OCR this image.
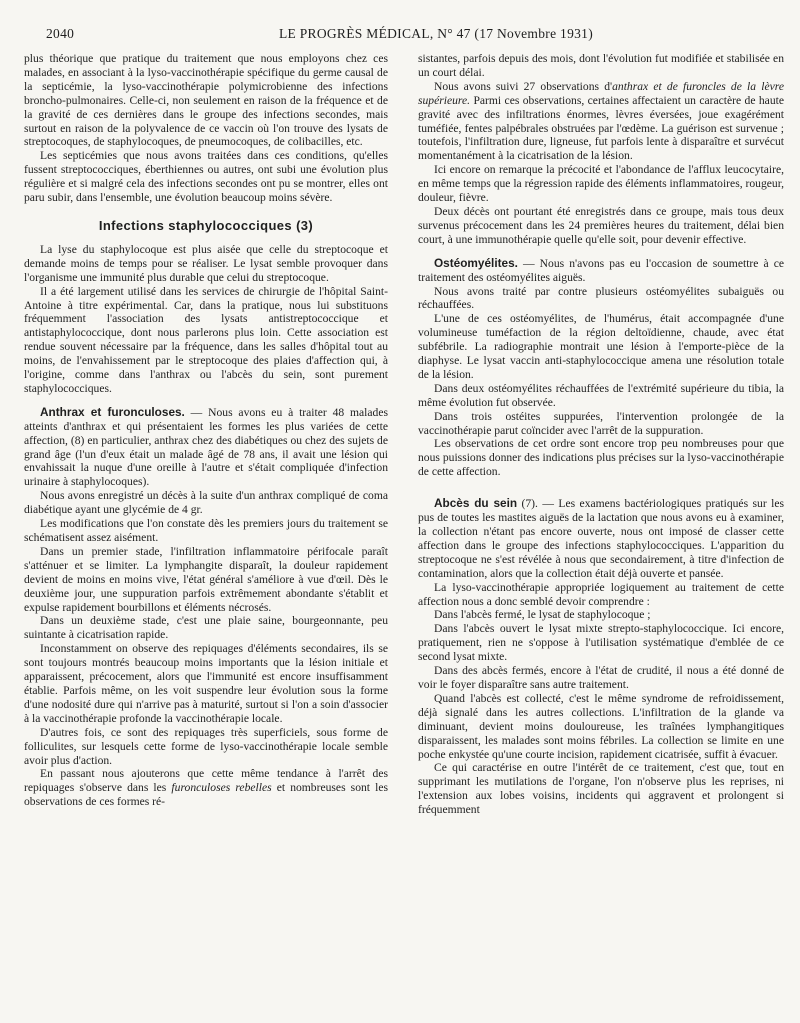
2040	LE PROGRÈS MÉDICAL, N° 47 (17 Novembre 1931)

plus théorique que pratique du traitement que nous employons chez ces malades, en associant à la lyso-vaccinothérapie spécifique du germe causal de la septicémie, la lyso-vaccinothérapie polymicrobienne des infections broncho-pulmonaires. Celle-ci, non seulement en raison de la fréquence et de la gravité de ces dernières dans le groupe des infections secondes, mais surtout en raison de la polyvalence de ce vaccin où l'on trouve des lysats de streptocoques, de staphylocoques, de pneumocoques, de colibacilles, etc.

Les septicémies que nous avons traitées dans ces conditions, qu'elles fussent streptococciques, éberthiennes ou autres, ont subi une évolution plus régulière et si malgré cela des infections secondes ont pu se montrer, elles ont paru subir, dans l'ensemble, une évolution beaucoup moins sévère.

Infections staphylococciques (3)

La lyse du staphylocoque est plus aisée que celle du streptocoque et demande moins de temps pour se réaliser. Le lysat semble provoquer dans l'organisme une immunité plus durable que celui du streptocoque.

Il a été largement utilisé dans les services de chirurgie de l'hôpital Saint-Antoine à titre expérimental. Car, dans la pratique, nous lui substituons fréquemment l'association des lysats antistreptococcique et antistaphylococcique, dont nous parlerons plus loin. Cette association est rendue souvent nécessaire par la fréquence, dans les salles d'hôpital tout au moins, de l'envahissement par le streptocoque des plaies d'affection qui, à l'origine, comme dans l'anthrax ou l'abcès du sein, sont purement staphylococciques.

Anthrax et furonculoses. — Nous avons eu à traiter 48 malades atteints d'anthrax et qui présentaient les formes les plus variées de cette affection, (8) en particulier, anthrax chez des diabétiques ou chez des sujets de grand âge (l'un d'eux était un malade âgé de 78 ans, il avait une lésion qui envahissait la nuque d'une oreille à l'autre et s'était compliquée d'infection urinaire à staphylocoques).

Nous avons enregistré un décès à la suite d'un anthrax compliqué de coma diabétique ayant une glycémie de 4 gr.

Les modifications que l'on constate dès les premiers jours du traitement se schématisent assez aisément.

Dans un premier stade, l'infiltration inflammatoire périfocale paraît s'atténuer et se limiter. La lymphangite disparaît, la douleur rapidement devient de moins en moins vive, l'état général s'améliore à vue d'œil. Dès le deuxième jour, une suppuration parfois extrêmement abondante s'établit et expulse rapidement bourbillons et éléments nécrosés.

Dans un deuxième stade, c'est une plaie saine, bourgeonnante, peu suintante à cicatrisation rapide.

Inconstamment on observe des repiquages d'éléments secondaires, ils se sont toujours montrés beaucoup moins importants que la lésion initiale et apparaissent, précocement, alors que l'immunité est encore insuffisamment établie. Parfois même, on les voit suspendre leur évolution sous la forme d'une nodosité dure qui n'arrive pas à maturité, surtout si l'on a soin d'associer à la vaccinothérapie profonde la vaccinothérapie locale.

D'autres fois, ce sont des repiquages très superficiels, sous forme de folliculites, sur lesquels cette forme de lyso-vaccinothérapie locale semble avoir plus d'action.

En passant nous ajouterons que cette même tendance à l'arrêt des repiquages s'observe dans les furonculoses rebelles et nombreuses sont les observations de ces formes ré-

sistantes, parfois depuis des mois, dont l'évolution fut modifiée et stabilisée en un court délai.

Nous avons suivi 27 observations d'anthrax et de furoncles de la lèvre supérieure. Parmi ces observations, certaines affectaient un caractère de haute gravité avec des infiltrations énormes, lèvres éversées, joue exagérément tuméfiée, fentes palpébrales obstruées par l'œdème. La guérison est survenue ; toutefois, l'infiltration dure, ligneuse, fut parfois lente à disparaître et survécut momentanément à la cicatrisation de la lésion.

Ici encore on remarque la précocité et l'abondance de l'afflux leucocytaire, en même temps que la régression rapide des éléments inflammatoires, rougeur, douleur, fièvre.

Deux décès ont pourtant été enregistrés dans ce groupe, mais tous deux survenus précocement dans les 24 premières heures du traitement, délai bien court, à une immunothérapie quelle qu'elle soit, pour devenir effective.

Ostéomyélites. — Nous n'avons pas eu l'occasion de soumettre à ce traitement des ostéomyélites aiguës.

Nous avons traité par contre plusieurs ostéomyélites subaiguës ou réchauffées.

L'une de ces ostéomyélites, de l'humérus, était accompagnée d'une volumineuse tuméfaction de la région deltoïdienne, chaude, avec état subfébrile. La radiographie montrait une lésion à l'emporte-pièce de la diaphyse. Le lysat vaccin anti-staphylococcique amena une résolution totale de la lésion.

Dans deux ostéomyélites réchauffées de l'extrémité supérieure du tibia, la même évolution fut observée.

Dans trois ostéites suppurées, l'intervention prolongée de la vaccinothérapie parut coïncider avec l'arrêt de la suppuration.

Les observations de cet ordre sont encore trop peu nombreuses pour que nous puissions donner des indications plus précises sur la lyso-vaccinothérapie de cette affection.

Abcès du sein (7). — Les examens bactériologiques pratiqués sur les pus de toutes les mastites aiguës de la lactation que nous avons eu à examiner, la collection n'étant pas encore ouverte, nous ont imposé de classer cette affection dans le groupe des infections staphylococciques. L'apparition du streptocoque ne s'est révélée à nous que secondairement, à titre d'infection de contamination, alors que la collection était déjà ouverte et pansée.

La lyso-vaccinothérapie appropriée logiquement au traitement de cette affection nous a donc semblé devoir comprendre :

Dans l'abcès fermé, le lysat de staphylocoque ;

Dans l'abcès ouvert le lysat mixte strepto-staphylococcique. Ici encore, pratiquement, rien ne s'oppose à l'utilisation systématique d'emblée de ce second lysat mixte.

Dans des abcès fermés, encore à l'état de crudité, il nous a été donné de voir le foyer disparaître sans autre traitement.

Quand l'abcès est collecté, c'est le même syndrome de refroidissement, déjà signalé dans les autres collections. L'infiltration de la glande va diminuant, devient moins douloureuse, les traînées lymphangitiques disparaissent, les malades sont moins fébriles. La collection se limite en une poche enkystée qu'une courte incision, rapidement cicatrisée, suffit à évacuer.

Ce qui caractérise en outre l'intérêt de ce traitement, c'est que, tout en supprimant les mutilations de l'organe, l'on n'observe plus les reprises, ni l'extension aux lobes voisins, incidents qui aggravent et prolongent si fréquemment
